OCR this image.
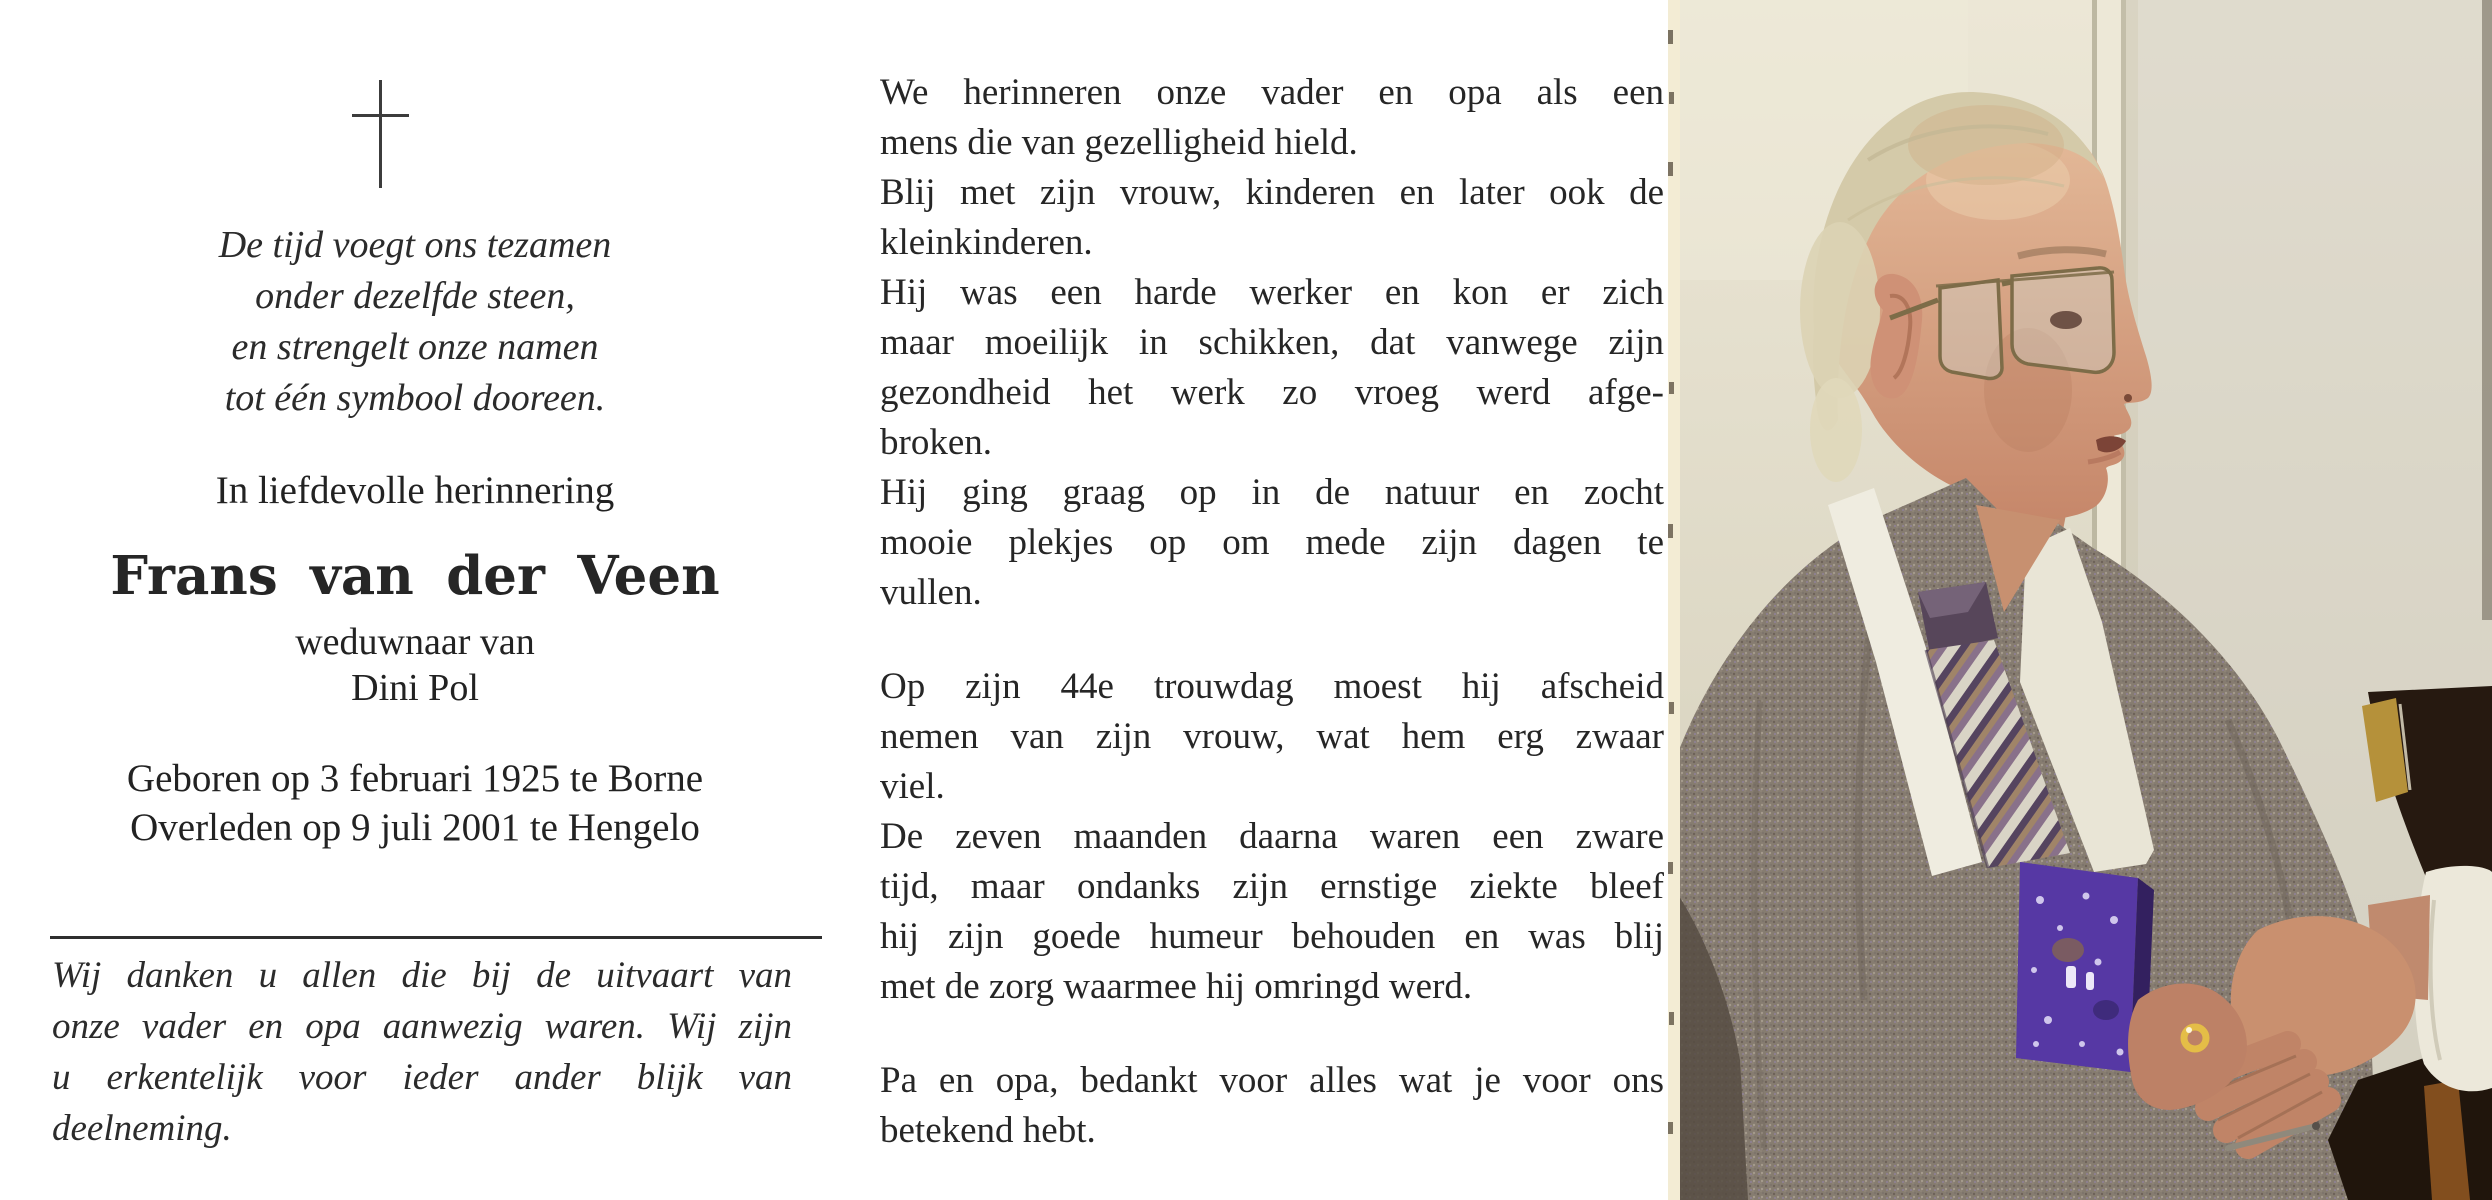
De tijd voegt ons tezamen
onder dezelfde steen,
en strengelt onze namen
tot één symbool dooreen.
In liefdevolle herinnering
Frans van der Veen
weduwnaar van
Dini Pol
Geboren op 3 februari 1925 te Borne
Overleden op 9 juli 2001 te Hengelo
Wij danken u allen die bij de uitvaart van
onze vader en opa aanwezig waren. Wij zijn
u erkentelijk voor ieder ander blijk van
deelneming.
We herinneren onze vader en opa als een
mens die van gezelligheid hield.
Blij met zijn vrouw, kinderen en later ook de
kleinkinderen.
Hij was een harde werker en kon er zich
maar moeilijk in schikken, dat vanwege zijn
gezondheid het werk zo vroeg werd afge-
broken.
Hij ging graag op in de natuur en zocht
mooie plekjes op om mede zijn dagen te
vullen.
Op zijn 44e trouwdag moest hij afscheid
nemen van zijn vrouw, wat hem erg zwaar
viel.
De zeven maanden daarna waren een zware
tijd, maar ondanks zijn ernstige ziekte bleef
hij zijn goede humeur behouden en was blij
met de zorg waarmee hij omringd werd.
Pa en opa, bedankt voor alles wat je voor ons
betekend hebt.
